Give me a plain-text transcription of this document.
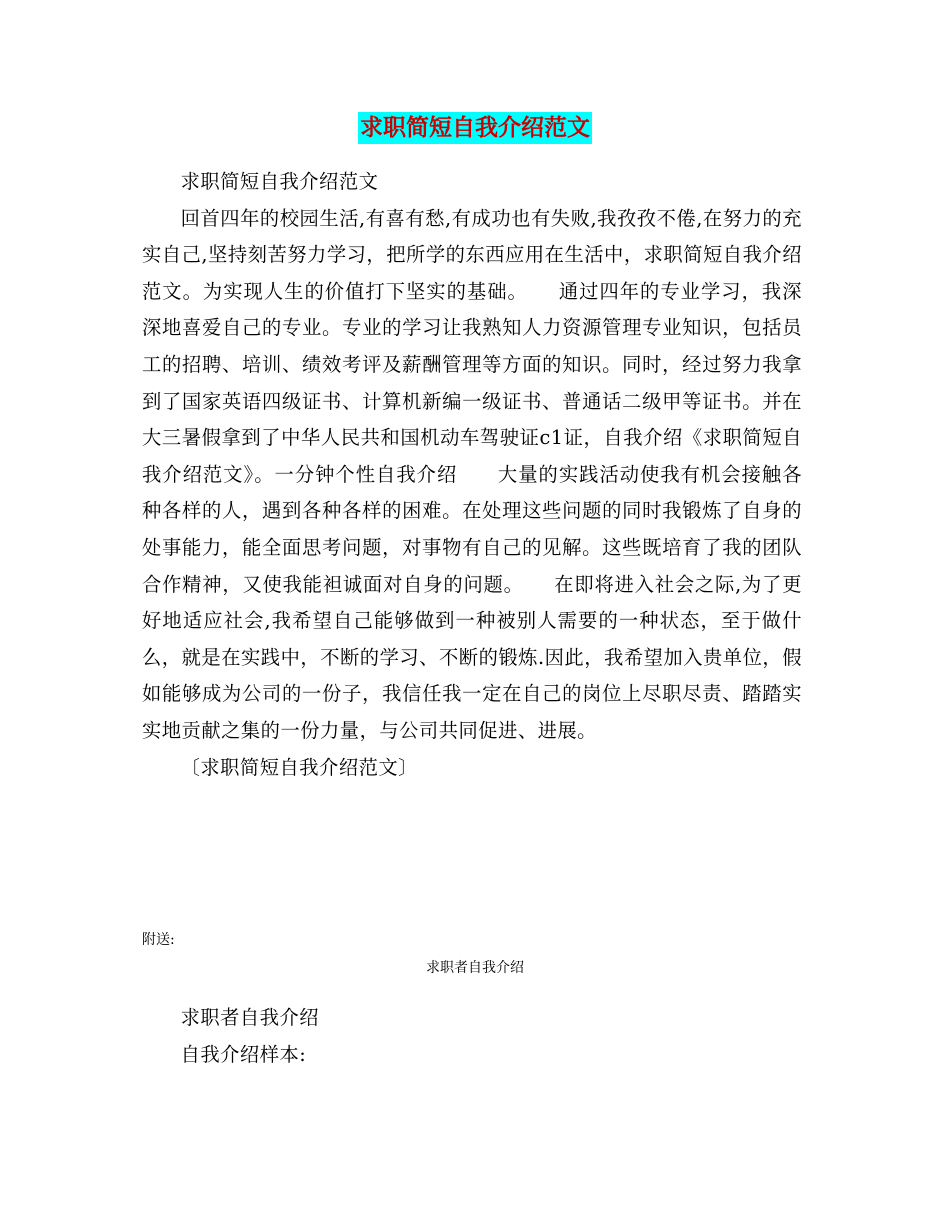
求职简短自我介绍范文

求职简短自我介绍范文

回首四年的校园生活,有喜有愁,有成功也有失败,我孜孜不倦,在努力的充实自己,坚持刻苦努力学习，把所学的东西应用在生活中，求职简短自我介绍范文。为实现人生的价值打下坚实的基础。　　通过四年的专业学习，我深深地喜爱自己的专业。专业的学习让我熟知人力资源管理专业知识，包括员工的招聘、培训、绩效考评及薪酬管理等方面的知识。同时，经过努力我拿到了国家英语四级证书、计算机新编一级证书、普通话二级甲等证书。并在大三暑假拿到了中华人民共和国机动车驾驶证c1证，自我介绍《求职简短自我介绍范文》。一分钟个性自我介绍　　大量的实践活动使我有机会接触各种各样的人，遇到各种各样的困难。在处理这些问题的同时我锻炼了自身的处事能力，能全面思考问题，对事物有自己的见解。这些既培育了我的团队合作精神，又使我能袒诚面对自身的问题。　　在即将进入社会之际,为了更好地适应社会,我希望自己能够做到一种被别人需要的一种状态，至于做什么，就是在实践中，不断的学习、不断的锻炼.因此，我希望加入贵单位，假如能够成为公司的一份子，我信任我一定在自己的岗位上尽职尽责、踏踏实实地贡献之集的一份力量，与公司共同促进、进展。

〔求职简短自我介绍范文〕

附送:
求职者自我介绍

求职者自我介绍

自我介绍样本:
